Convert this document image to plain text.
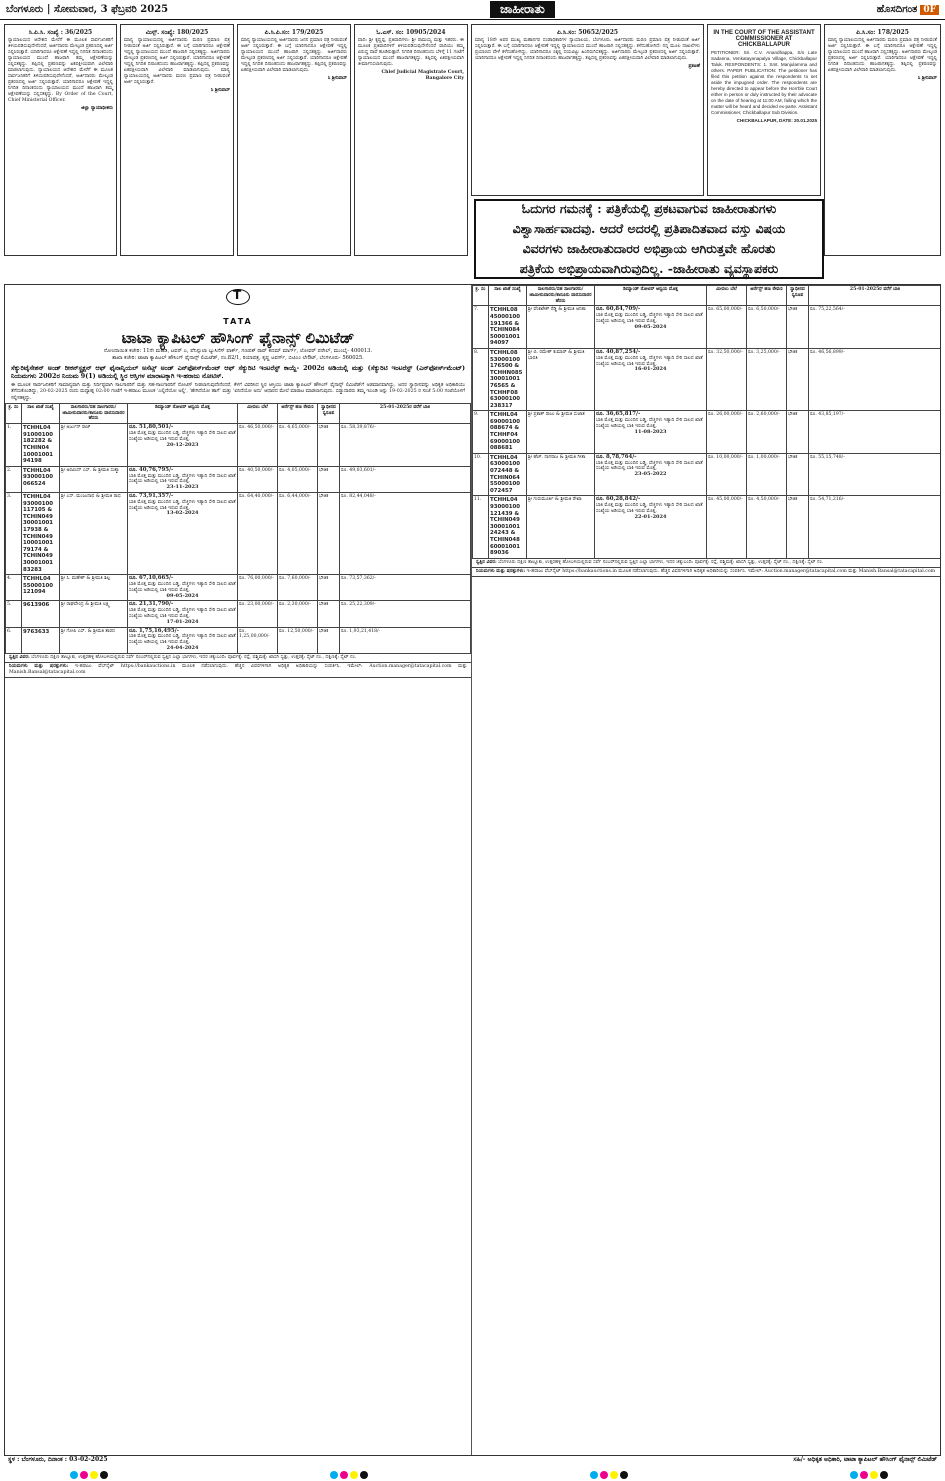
ಬೆಂಗಳೂರು | ಸೋಮವಾರ, 3 ಫೆಬ್ರವರಿ 2025	ಜಾಹೀರಾತು	ಹೊಸದಿಗಂತ 0F
ಸಿ.ಪಿ.ಸಿ. ಸಂಖ್ಯೆ : 36/2025
ನ್ಯಾಯಾಲಯದ ಆದೇಶದ ಮೇರೆಗೆ ಈ ಮೂಲಕ ಸಾರ್ವಜನಿಕರಿಗೆ ತಿಳಿಯಪಡಿಸುವುದೇನೆಂದರೆ, ಅರ್ಜಿದಾರರು ಮೇಲ್ಕಂಡ ಪ್ರಕರಣದಲ್ಲಿ ಅರ್ಜಿ ಸಲ್ಲಿಸಿರುತ್ತಾರೆ. ಯಾರಿಗಾದರೂ ಆಕ್ಷೇಪಣೆ ಇದ್ದಲ್ಲಿ ನಿಗದಿತ ದಿನಾಂಕದಂದು ನ್ಯಾಯಾಲಯದ ಮುಂದೆ ಹಾಜರಾಗಿ ತಮ್ಮ ಆಕ್ಷೇಪಣೆಯನ್ನು ಸಲ್ಲಿಸತಕ್ಕದ್ದು. ತಪ್ಪಿದಲ್ಲಿ ಪ್ರಕರಣವನ್ನು ಏಕಪಕ್ಷೀಯವಾಗಿ ವಿಲೇವಾರಿ ಮಾಡಲಾಗುವುದು. ನ್ಯಾಯಾಲಯದ ಆದೇಶದ ಮೇರೆಗೆ ಈ ಮೂಲಕ ಸಾರ್ವಜನಿಕರಿಗೆ ತಿಳಿಯಪಡಿಸುವುದೇನೆಂದರೆ, ಅರ್ಜಿದಾರರು ಮೇಲ್ಕಂಡ ಪ್ರಕರಣದಲ್ಲಿ ಅರ್ಜಿ ಸಲ್ಲಿಸಿರುತ್ತಾರೆ. ಯಾರಿಗಾದರೂ ಆಕ್ಷೇಪಣೆ ಇದ್ದಲ್ಲಿ ನಿಗದಿತ ದಿನಾಂಕದಂದು ನ್ಯಾಯಾಲಯದ ಮುಂದೆ ಹಾಜರಾಗಿ ತಮ್ಮ ಆಕ್ಷೇಪಣೆಯನ್ನು ಸಲ್ಲಿಸತಕ್ಕದ್ದು. By Order of the Court, Chief Ministerial Officer.
ಜಿಲ್ಲಾ ನ್ಯಾಯಾಧೀಶರು
ಮಿಸ್ಸ್. ಸಂಖ್ಯೆ: 180/2025
ಮಾನ್ಯ ನ್ಯಾಯಾಲಯದಲ್ಲಿ ಅರ್ಜಿದಾರರು ಮರಣ ಪ್ರಮಾಣ ಪತ್ರ ನೀಡುವಂತೆ ಅರ್ಜಿ ಸಲ್ಲಿಸಿರುತ್ತಾರೆ. ಈ ಬಗ್ಗೆ ಯಾರಿಗಾದರೂ ಆಕ್ಷೇಪಣೆ ಇದ್ದಲ್ಲಿ ನ್ಯಾಯಾಲಯದ ಮುಂದೆ ಹಾಜರಾಗಿ ಸಲ್ಲಿಸತಕ್ಕದ್ದು. ಅರ್ಜಿದಾರರು ಮೇಲ್ಕಂಡ ಪ್ರಕರಣದಲ್ಲಿ ಅರ್ಜಿ ಸಲ್ಲಿಸಿರುತ್ತಾರೆ. ಯಾರಿಗಾದರೂ ಆಕ್ಷೇಪಣೆ ಇದ್ದಲ್ಲಿ ನಿಗದಿತ ದಿನಾಂಕದಂದು ಹಾಜರಾಗತಕ್ಕದ್ದು. ತಪ್ಪಿದಲ್ಲಿ ಪ್ರಕರಣವನ್ನು ಏಕಪಕ್ಷೀಯವಾಗಿ ವಿಲೇವಾರಿ ಮಾಡಲಾಗುವುದು. ಮಾನ್ಯ ನ್ಯಾಯಾಲಯದಲ್ಲಿ ಅರ್ಜಿದಾರರು ಮರಣ ಪ್ರಮಾಣ ಪತ್ರ ನೀಡುವಂತೆ ಅರ್ಜಿ ಸಲ್ಲಿಸಿರುತ್ತಾರೆ.
ಸಿ ಶ್ರೀನಿವಾಸ್
ಪಿ.ಸಿ.ಪಿ.ಸಂ: 179/2025
ಮಾನ್ಯ ನ್ಯಾಯಾಲಯದಲ್ಲಿ ಅರ್ಜಿದಾರರು ಜನನ ಪ್ರಮಾಣ ಪತ್ರ ನೀಡುವಂತೆ ಅರ್ಜಿ ಸಲ್ಲಿಸಿರುತ್ತಾರೆ. ಈ ಬಗ್ಗೆ ಯಾರಿಗಾದರೂ ಆಕ್ಷೇಪಣೆ ಇದ್ದಲ್ಲಿ ನ್ಯಾಯಾಲಯದ ಮುಂದೆ ಹಾಜರಾಗಿ ಸಲ್ಲಿಸತಕ್ಕದ್ದು. ಅರ್ಜಿದಾರರು ಮೇಲ್ಕಂಡ ಪ್ರಕರಣದಲ್ಲಿ ಅರ್ಜಿ ಸಲ್ಲಿಸಿರುತ್ತಾರೆ. ಯಾರಿಗಾದರೂ ಆಕ್ಷೇಪಣೆ ಇದ್ದಲ್ಲಿ ನಿಗದಿತ ದಿನಾಂಕದಂದು ಹಾಜರಾಗತಕ್ಕದ್ದು. ತಪ್ಪಿದಲ್ಲಿ ಪ್ರಕರಣವನ್ನು ಏಕಪಕ್ಷೀಯವಾಗಿ ವಿಲೇವಾರಿ ಮಾಡಲಾಗುವುದು.
ಸಿ ಶ್ರೀನಿವಾಸ್
ಓ.ಎಸ್. ಸಂ: 10905/2024
ವಾದಿ: ಶ್ರೀ ಕೃಷ್ಣಪ್ಪ, ಪ್ರತಿವಾದಿಗಳು: ಶ್ರೀ ರಾಮಯ್ಯ ಮತ್ತು ಇತರರು. ಈ ಮೂಲಕ ಪ್ರತಿವಾದಿಗಳಿಗೆ ತಿಳಿಯಪಡಿಸುವುದೇನೆಂದರೆ ವಾದಿಯು ತಮ್ಮ ವಿರುದ್ಧ ದಾವೆ ಹೂಡಿರುತ್ತಾರೆ. ನಿಗದಿತ ದಿನಾಂಕದಂದು ಬೆಳಿಗ್ಗೆ 11 ಗಂಟೆಗೆ ನ್ಯಾಯಾಲಯದ ಮುಂದೆ ಹಾಜರಾಗತಕ್ಕದ್ದು. ತಪ್ಪಿದಲ್ಲಿ ಏಕಪಕ್ಷೀಯವಾಗಿ ತೀರ್ಮಾನಿಸಲಾಗುವುದು.
Chief Judicial Magistrate Court, Bangalore City
ಪಿ.ಸಿ.ಸಂ: 50652/2025
ಮಾನ್ಯ 18ನೇ ಅಪರ ಮುಖ್ಯ ಮಹಾನಗರ ದಂಡಾಧಿಕಾರಿಗಳ ನ್ಯಾಯಾಲಯ, ಬೆಂಗಳೂರು. ಅರ್ಜಿದಾರರು ಮರಣ ಪ್ರಮಾಣ ಪತ್ರ ನೀಡುವಂತೆ ಅರ್ಜಿ ಸಲ್ಲಿಸಿರುತ್ತಾರೆ. ಈ ಬಗ್ಗೆ ಯಾರಿಗಾದರೂ ಆಕ್ಷೇಪಣೆ ಇದ್ದಲ್ಲಿ ನ್ಯಾಯಾಲಯದ ಮುಂದೆ ಹಾಜರಾಗಿ ಸಲ್ಲಿಸತಕ್ಕದ್ದು. ಕಳೆದುಹೋಗಿದೆ: ನನ್ನ ಮೂಲ ದಾಖಲೆಗಳು ಪ್ರಯಾಣದ ವೇಳೆ ಕಳೆದುಹೋಗಿದ್ದು, ಯಾರಿಗಾದರೂ ಸಿಕ್ಕಲ್ಲಿ ದಯವಿಟ್ಟು ಹಿಂದಿರುಗಿಸತಕ್ಕದ್ದು. ಅರ್ಜಿದಾರರು ಮೇಲ್ಕಂಡ ಪ್ರಕರಣದಲ್ಲಿ ಅರ್ಜಿ ಸಲ್ಲಿಸಿರುತ್ತಾರೆ. ಯಾರಿಗಾದರೂ ಆಕ್ಷೇಪಣೆ ಇದ್ದಲ್ಲಿ ನಿಗದಿತ ದಿನಾಂಕದಂದು ಹಾಜರಾಗತಕ್ಕದ್ದು. ತಪ್ಪಿದಲ್ಲಿ ಪ್ರಕರಣವನ್ನು ಏಕಪಕ್ಷೀಯವಾಗಿ ವಿಲೇವಾರಿ ಮಾಡಲಾಗುವುದು.
ಪ್ರಕಟಣೆ
IN THE COURT OF THE ASSISTANT COMMISSIONER AT CHICKBALLAPUR
PETITIONER: Sri. C.V. Anandhappa, S/o Late Sadanna, Venkatayanapalya Village, Chickballapur Taluk. RESPONDENTS: 1. Smt. Manjulamma and others. PAPER PUBLICATION: The petitioner has filed this petition against the respondents to set aside the impugned order. The respondents are hereby directed to appear before the Hon'ble Court either in person or duly instructed by their advocate on the date of hearing at 11:00 AM, failing which the matter will be heard and decided ex-parte. Assistant Commissioner, Chickballapur Sub Division.
CHICKBALLAPUR, DATE: 20.01.2025
ಪಿ.ಸಿ.ಸಂ: 178/2025
ಮಾನ್ಯ ನ್ಯಾಯಾಲಯದಲ್ಲಿ ಅರ್ಜಿದಾರರು ಮರಣ ಪ್ರಮಾಣ ಪತ್ರ ನೀಡುವಂತೆ ಅರ್ಜಿ ಸಲ್ಲಿಸಿರುತ್ತಾರೆ. ಈ ಬಗ್ಗೆ ಯಾರಿಗಾದರೂ ಆಕ್ಷೇಪಣೆ ಇದ್ದಲ್ಲಿ ನ್ಯಾಯಾಲಯದ ಮುಂದೆ ಹಾಜರಾಗಿ ಸಲ್ಲಿಸತಕ್ಕದ್ದು. ಅರ್ಜಿದಾರರು ಮೇಲ್ಕಂಡ ಪ್ರಕರಣದಲ್ಲಿ ಅರ್ಜಿ ಸಲ್ಲಿಸಿರುತ್ತಾರೆ. ಯಾರಿಗಾದರೂ ಆಕ್ಷೇಪಣೆ ಇದ್ದಲ್ಲಿ ನಿಗದಿತ ದಿನಾಂಕದಂದು ಹಾಜರಾಗತಕ್ಕದ್ದು. ತಪ್ಪಿದಲ್ಲಿ ಪ್ರಕರಣವನ್ನು ಏಕಪಕ್ಷೀಯವಾಗಿ ವಿಲೇವಾರಿ ಮಾಡಲಾಗುವುದು.
ಸಿ ಶ್ರೀನಿವಾಸ್
ಓದುಗರ ಗಮನಕ್ಕೆ : ಪತ್ರಿಕೆಯಲ್ಲಿ ಪ್ರಕಟವಾಗುವ ಜಾಹೀರಾತುಗಳು
ವಿಶ್ವಾಸಾರ್ಹವಾದವು. ಆದರೆ ಅದರಲ್ಲಿ ಪ್ರತಿಪಾದಿತವಾದ ವಸ್ತು ವಿಷಯ
ವಿವರಗಳು ಜಾಹೀರಾತುದಾರರ ಅಭಿಪ್ರಾಯ ಆಗಿರುತ್ತವೇ ಹೊರತು
ಪತ್ರಿಕೆಯ ಅಭಿಪ್ರಾಯವಾಗಿರುವುದಿಲ್ಲ. -ಜಾಹೀರಾತು ವ್ಯವಸ್ಥಾಪಕರು
T
TATA
ಟಾಟಾ ಕ್ಯಾಪಿಟಲ್ ಹೌಸಿಂಗ್ ಫೈನಾನ್ಸ್ ಲಿಮಿಟೆಡ್
ನೋಂದಾಯಿತ ಕಚೇರಿ: 11ನೇ ಮಹಡಿ, ಟವರ್ ಎ, ಪೆನಿನ್ಸುಲಾ ಬ್ಯುಸಿನೆಸ್ ಪಾರ್ಕ್, ಗಣಪತ್ ರಾವ್ ಕದಮ್ ಮಾರ್ಗ್, ಲೋವರ್ ಪರೇಲ್, ಮುಂಬೈ- 400013.
ಶಾಖಾ ಕಚೇರಿ: ಟಾಟಾ ಕ್ಯಾಪಿಟಲ್ ಹೌಸಿಂಗ್ ಫೈನಾನ್ಸ್ ಲಿಮಿಟೆಡ್, ನಂ.82/1, ರಿಯಾಪತ್ರ, ಕೃಷ್ಣ ಟವರ್ಸ್, ಬಿಟಿಎಂ ಲೇಔಟ್, ಬೆಂಗಳೂರು- 560025.
ಸೆಕ್ಯುರಿಟೈಸೇಶನ್ ಅಂಡ್ ರೀಕನ್‌ಸ್ಟ್ರಕ್ಷನ್ ಆಫ್ ಫೈನಾನ್ಶಿಯಲ್ ಅಸೆಟ್ಸ್ ಅಂಡ್ ಎನ್‌ಫೋರ್ಸ್‌ಮೆಂಟ್ ಆಫ್ ಸೆಕ್ಯುರಿಟಿ ಇಂಟರೆಸ್ಟ್ ಕಾಯ್ದೆ- 2002ರ ಅಡಿಯಲ್ಲಿ ಮತ್ತು (ಸೆಕ್ಯುರಿಟಿ ಇಂಟರೆಸ್ಟ್ (ಎನ್‌ಫೋರ್ಸ್‌ಮೆಂಟ್) ನಿಯಮಗಳು 2002ರ ನಿಯಮ 9(1) ಅಡಿಯಲ್ಲಿ ಸ್ಥಿರ ಆಸ್ತಿಗಳ ಮಾರಾಟಕ್ಕಾಗಿ ಇ-ಹರಾಜು ನೋಟಿಸ್.
ಈ ಮೂಲಕ ಸಾರ್ವಜನಿಕರಿಗೆ ಸಾಮಾನ್ಯವಾಗಿ ಮತ್ತು ನಿರ್ದಿಷ್ಟವಾಗಿ ಸಾಲಗಾರರಿಗೆ ಮತ್ತು ಸಹ-ಸಾಲಗಾರರಿಗೆ ನೋಟಿಸ್ ನೀಡಲಾಗುವುದೇನೆಂದರೆ, ಕೆಳಗೆ ವಿವರಿಸಿದ ಸ್ಥಿರ ಆಸ್ತಿಯು ಟಾಟಾ ಕ್ಯಾಪಿಟಲ್ ಹೌಸಿಂಗ್ ಫೈನಾನ್ಸ್ ಲಿಮಿಟೆಡ್‌ಗೆ ಅಡಮಾನವಾಗಿದ್ದು, ಅದರ ಸ್ವಾಧೀನವನ್ನು ಅಧಿಕೃತ ಅಧಿಕಾರಿಯು ತೆಗೆದುಕೊಂಡಿದ್ದು, 20-02-2025 ರಂದು ಮಧ್ಯಾಹ್ನ 02:00 ಗಂಟೆಗೆ ಇ-ಹರಾಜು ಮೂಲಕ 'ಎಲ್ಲಿದೆಯೋ ಅಲ್ಲಿ', 'ಹೇಗಿದೆಯೋ ಹಾಗೆ' ಮತ್ತು 'ಏನಿದೆಯೋ ಅದು' ಆಧಾರದ ಮೇಲೆ ಮಾರಾಟ ಮಾಡಲಾಗುವುದು. ಬಿಡ್ಡುದಾರರು ತಮ್ಮ ಇಎಂಡಿ ಅನ್ನು 19-02-2025 ರ ಸಂಜೆ 5:00 ಗಂಟೆಯೊಳಗೆ ಸಲ್ಲಿಸತಕ್ಕದ್ದು.
ಕ್ರ. ಸಂ	ಸಾಲ ಖಾತೆ ಸಂಖ್ಯೆ	ಸಾಲಗಾರರು/ಸಹ ಸಾಲಗಾರರು/ಜಾಮೀನುದಾರರು/ಕಾನೂನು ವಾರಸುದಾರರ ಹೆಸರು	ಡಿಮ್ಯಾಂಡ್ ನೋಟಿಸ್ ಅನ್ವಯ ಮೊತ್ತ	ಮೀಸಲು ಬೆಲೆ	ಅರ್ನೆಸ್ಟ್ ಹಣ ಠೇವಣಿ	ಸ್ವಾಧೀನದ ಸ್ವರೂಪ	25-01-2025ರ ವರೆಗೆ ಬಾಕಿ
1.	TCHHL04 91000100 182282 & TCHIN04 10001001 94198	ಶ್ರೀ ಅರ್ಜುನ್ ರಾಜ್	ರೂ. 51,80,501/-
ಬಾಕಿ ಮೊತ್ತ ಮತ್ತು ಮುಂದಿನ ಬಡ್ಡಿ, ವೆಚ್ಚಗಳು ಇತ್ಯಾದಿ ಸೇರಿ ಸಾಲದ ಖಾತೆ ಸಂಖ್ಯೆಯ ಅಡಿಯಲ್ಲಿ ಬಾಕಿ ಇರುವ ಮೊತ್ತ.
20-12-2023	ರೂ. 46,50,000/-	ರೂ. 4,65,000/-	ಭೌತಿಕ	ರೂ. 58,39,876/-
2.	TCHHL04 93000100 066524	ಶ್ರೀ ಅರವಿಂದ್ ಎಸ್. & ಶ್ರೀಮತಿ ಸುಶ್ಮಾ	ರೂ. 40,76,795/-
ಬಾಕಿ ಮೊತ್ತ ಮತ್ತು ಮುಂದಿನ ಬಡ್ಡಿ, ವೆಚ್ಚಗಳು ಇತ್ಯಾದಿ ಸೇರಿ ಸಾಲದ ಖಾತೆ ಸಂಖ್ಯೆಯ ಅಡಿಯಲ್ಲಿ ಬಾಕಿ ಇರುವ ಮೊತ್ತ.
23-11-2023	ರೂ. 40,50,000/-	ರೂ. 4,05,000/-	ಭೌತಿಕ	ರೂ. 49,03,601/-
3.	TCHHL04 93000100 117105 & TCHIN049 30001001 17938 & TCHIN049 10001001 79174 & TCHIN049 30001001 83283	ಶ್ರೀ ಎಸ್. ಮಂಜುನಾಥ & ಶ್ರೀಮತಿ ರಾಧ	ರೂ. 73,91,357/-
ಬಾಕಿ ಮೊತ್ತ ಮತ್ತು ಮುಂದಿನ ಬಡ್ಡಿ, ವೆಚ್ಚಗಳು ಇತ್ಯಾದಿ ಸೇರಿ ಸಾಲದ ಖಾತೆ ಸಂಖ್ಯೆಯ ಅಡಿಯಲ್ಲಿ ಬಾಕಿ ಇರುವ ಮೊತ್ತ.
13-02-2024	ರೂ. 64,40,000/-	ರೂ. 6,44,000/-	ಭೌತಿಕ	ರೂ. 82,44,048/-
4.	TCHHL04 55000100 121094	ಶ್ರೀ ಸಿ. ಮಹೇಶ್ & ಶ್ರೀಮತಿ ಶಿಲ್ಪ	ರೂ. 67,10,665/-
ಬಾಕಿ ಮೊತ್ತ ಮತ್ತು ಮುಂದಿನ ಬಡ್ಡಿ, ವೆಚ್ಚಗಳು ಇತ್ಯಾದಿ ಸೇರಿ ಸಾಲದ ಖಾತೆ ಸಂಖ್ಯೆಯ ಅಡಿಯಲ್ಲಿ ಬಾಕಿ ಇರುವ ಮೊತ್ತ.
09-05-2024	ರೂ. 76,00,000/-	ರೂ. 7,60,000/-	ಭೌತಿಕ	ರೂ. 73,57,362/-
5.	9613906	ಶ್ರೀ ರಾಘವೇಂದ್ರ & ಶ್ರೀಮತಿ ಲಕ್ಷ್ಮಿ	ರೂ. 21,31,790/-
ಬಾಕಿ ಮೊತ್ತ ಮತ್ತು ಮುಂದಿನ ಬಡ್ಡಿ, ವೆಚ್ಚಗಳು ಇತ್ಯಾದಿ ಸೇರಿ ಸಾಲದ ಖಾತೆ ಸಂಖ್ಯೆಯ ಅಡಿಯಲ್ಲಿ ಬಾಕಿ ಇರುವ ಮೊತ್ತ.
17-01-2024	ರೂ. 23,00,000/-	ರೂ. 2,30,000/-	ಭೌತಿಕ	ರೂ. 25,22,309/-
6.	9763633	ಶ್ರೀ ಗೋಪಿ ಎಸ್. & ಶ್ರೀಮತಿ ಶಾರದ	ರೂ. 1,75,16,495/-
ಬಾಕಿ ಮೊತ್ತ ಮತ್ತು ಮುಂದಿನ ಬಡ್ಡಿ, ವೆಚ್ಚಗಳು ಇತ್ಯಾದಿ ಸೇರಿ ಸಾಲದ ಖಾತೆ ಸಂಖ್ಯೆಯ ಅಡಿಯಲ್ಲಿ ಬಾಕಿ ಇರುವ ಮೊತ್ತ.
24-04-2024	ರೂ. 1,25,00,000/-	ರೂ. 12,50,000/-	ಭೌತಿಕ	ರೂ. 1,93,21,418/-
ಸ್ವತ್ತಿನ ವಿವರ: ಬೆಂಗಳೂರು ದಕ್ಷಿಣ ತಾಲ್ಲೂಕು, ಉತ್ತರಹಳ್ಳಿ ಹೋಬಳಿಯಲ್ಲಿರುವ ಸರ್ವೆ ನಂಬರ್‌ನಲ್ಲಿರುವ ಸ್ವತ್ತಿನ ಎಲ್ಲಾ ಭಾಗಗಳು, ಇದರ ಚಕ್ಕುಬಂದಿ: ಪೂರ್ವಕ್ಕೆ: ರಸ್ತೆ, ಪಶ್ಚಿಮಕ್ಕೆ: ಖಾಸಗಿ ಸ್ವತ್ತು, ಉತ್ತರಕ್ಕೆ: ಸೈಟ್ ನಂ., ದಕ್ಷಿಣಕ್ಕೆ: ಸೈಟ್ ನಂ.
ನಿಯಮಗಳು ಮತ್ತು ಷರತ್ತುಗಳು: ಇ-ಹರಾಜು ವೆಬ್‌ಸೈಟ್ https://bankauctions.in ಮೂಲಕ ನಡೆಸಲಾಗುವುದು. ಹೆಚ್ಚಿನ ವಿವರಗಳಿಗಾಗಿ ಅಧಿಕೃತ ಅಧಿಕಾರಿಯನ್ನು ಸಂಪರ್ಕಿಸಿ. ಇಮೇಲ್: Auction.manager@tatacapital.com ಮತ್ತು Manish.Bansal@tatacapital.com
ಕ್ರ. ಸಂ	ಸಾಲ ಖಾತೆ ಸಂಖ್ಯೆ	ಸಾಲಗಾರರು/ಸಹ ಸಾಲಗಾರರು/ಜಾಮೀನುದಾರರು/ಕಾನೂನು ವಾರಸುದಾರರ ಹೆಸರು	ಡಿಮ್ಯಾಂಡ್ ನೋಟಿಸ್ ಅನ್ವಯ ಮೊತ್ತ	ಮೀಸಲು ಬೆಲೆ	ಅರ್ನೆಸ್ಟ್ ಹಣ ಠೇವಣಿ	ಸ್ವಾಧೀನದ ಸ್ವರೂಪ	25-01-2025ರ ವರೆಗೆ ಬಾಕಿ
7.	TCHHL08 45000100 191366 & TCHIN084 50001001 94097	ಶ್ರೀ ವೆಂಕಟೇಶ್ ರೆಡ್ಡಿ & ಶ್ರೀಮತಿ ಅನಿತಾ	ರೂ. 60,84,709/-
ಬಾಕಿ ಮೊತ್ತ ಮತ್ತು ಮುಂದಿನ ಬಡ್ಡಿ, ವೆಚ್ಚಗಳು ಇತ್ಯಾದಿ ಸೇರಿ ಸಾಲದ ಖಾತೆ ಸಂಖ್ಯೆಯ ಅಡಿಯಲ್ಲಿ ಬಾಕಿ ಇರುವ ಮೊತ್ತ.
09-05-2024	ರೂ. 65,00,000/-	ರೂ. 6,50,000/-	ಭೌತಿಕ	ರೂ. 75,22,564/-
8.	TCHHL08 53000100 176500 & TCHHN085 30001001 76565 & TCHHF08 63000100 238317	ಶ್ರೀ ಬಿ. ರಮೇಶ್ ಕುಮಾರ್ & ಶ್ರೀಮತಿ ಭಾರತಿ	ರೂ. 40,87,254/-
ಬಾಕಿ ಮೊತ್ತ ಮತ್ತು ಮುಂದಿನ ಬಡ್ಡಿ, ವೆಚ್ಚಗಳು ಇತ್ಯಾದಿ ಸೇರಿ ಸಾಲದ ಖಾತೆ ಸಂಖ್ಯೆಯ ಅಡಿಯಲ್ಲಿ ಬಾಕಿ ಇರುವ ಮೊತ್ತ.
16-01-2024	ರೂ. 32,50,000/-	ರೂ. 3,25,000/-	ಭೌತಿಕ	ರೂ. 46,56,899/-
9.	TCHHL04 69000100 088674 & TCHHF04 69000100 088681	ಶ್ರೀ ಪ್ರಕಾಶ್ ರಾಜು & ಶ್ರೀಮತಿ ಸುಜಾತ	ರೂ. 36,65,817/-
ಬಾಕಿ ಮೊತ್ತ ಮತ್ತು ಮುಂದಿನ ಬಡ್ಡಿ, ವೆಚ್ಚಗಳು ಇತ್ಯಾದಿ ಸೇರಿ ಸಾಲದ ಖಾತೆ ಸಂಖ್ಯೆಯ ಅಡಿಯಲ್ಲಿ ಬಾಕಿ ಇರುವ ಮೊತ್ತ.
11-08-2023	ರೂ. 26,00,000/-	ರೂ. 2,60,000/-	ಭೌತಿಕ	ರೂ. 43,85,197/-
10.	TCHHL04 63000100 072448 & TCHIN064 55000100 072457	ಶ್ರೀ ಹೆಚ್. ನಾಗರಾಜ & ಶ್ರೀಮತಿ ಗೀತಾ	ರೂ. 8,78,764/-
ಬಾಕಿ ಮೊತ್ತ ಮತ್ತು ಮುಂದಿನ ಬಡ್ಡಿ, ವೆಚ್ಚಗಳು ಇತ್ಯಾದಿ ಸೇರಿ ಸಾಲದ ಖಾತೆ ಸಂಖ್ಯೆಯ ಅಡಿಯಲ್ಲಿ ಬಾಕಿ ಇರುವ ಮೊತ್ತ.
23-05-2022	ರೂ. 10,00,000/-	ರೂ. 1,00,000/-	ಭೌತಿಕ	ರೂ. 55,15,748/-
11.	TCHHL04 93000100 121439 & TCHIN049 30001001 24243 & TCHIN048 60001001 89036	ಶ್ರೀ ಗುರುಮೂರ್ತಿ & ಶ್ರೀಮತಿ ರೇಖಾ	ರೂ. 60,28,842/-
ಬಾಕಿ ಮೊತ್ತ ಮತ್ತು ಮುಂದಿನ ಬಡ್ಡಿ, ವೆಚ್ಚಗಳು ಇತ್ಯಾದಿ ಸೇರಿ ಸಾಲದ ಖಾತೆ ಸಂಖ್ಯೆಯ ಅಡಿಯಲ್ಲಿ ಬಾಕಿ ಇರುವ ಮೊತ್ತ.
22-01-2024	ರೂ. 45,00,000/-	ರೂ. 4,50,000/-	ಭೌತಿಕ	ರೂ. 54,71,216/-
ಸ್ವತ್ತಿನ ವಿವರ: ಬೆಂಗಳೂರು ದಕ್ಷಿಣ ತಾಲ್ಲೂಕು, ಉತ್ತರಹಳ್ಳಿ ಹೋಬಳಿಯಲ್ಲಿರುವ ಸರ್ವೆ ನಂಬರ್‌ನಲ್ಲಿರುವ ಸ್ವತ್ತಿನ ಎಲ್ಲಾ ಭಾಗಗಳು, ಇದರ ಚಕ್ಕುಬಂದಿ: ಪೂರ್ವಕ್ಕೆ: ರಸ್ತೆ, ಪಶ್ಚಿಮಕ್ಕೆ: ಖಾಸಗಿ ಸ್ವತ್ತು, ಉತ್ತರಕ್ಕೆ: ಸೈಟ್ ನಂ., ದಕ್ಷಿಣಕ್ಕೆ: ಸೈಟ್ ನಂ.
ನಿಯಮಗಳು ಮತ್ತು ಷರತ್ತುಗಳು: ಇ-ಹರಾಜು ವೆಬ್‌ಸೈಟ್ https://bankauctions.in ಮೂಲಕ ನಡೆಸಲಾಗುವುದು. ಹೆಚ್ಚಿನ ವಿವರಗಳಿಗಾಗಿ ಅಧಿಕೃತ ಅಧಿಕಾರಿಯನ್ನು ಸಂಪರ್ಕಿಸಿ. ಇಮೇಲ್: Auction.manager@tatacapital.com ಮತ್ತು Manish.Bansal@tatacapital.com
ಸ್ಥಳ : ಬೆಂಗಳೂರು, ದಿನಾಂಕ : 03-02-2025	ಸಹಿ/- ಅಧಿಕೃತ ಅಧಿಕಾರಿ, ಟಾಟಾ ಕ್ಯಾಪಿಟಲ್ ಹೌಸಿಂಗ್ ಫೈನಾನ್ಸ್ ಲಿಮಿಟೆಡ್
